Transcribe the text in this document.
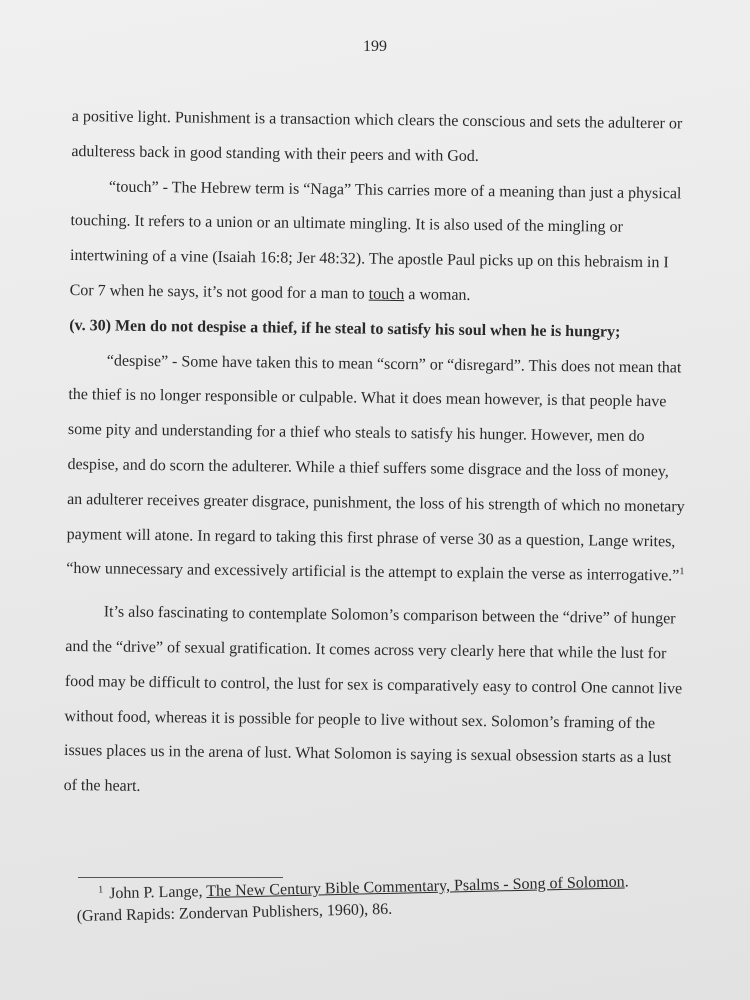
199

a positive light. Punishment is a transaction which clears the conscious and sets the adulterer or adulteress back in good standing with their peers and with God.

“touch” - The Hebrew term is “Naga” This carries more of a meaning than just a physical touching. It refers to a union or an ultimate mingling. It is also used of the mingling or intertwining of a vine (Isaiah 16:8; Jer 48:32). The apostle Paul picks up on this hebraism in I Cor 7 when he says, it’s not good for a man to touch a woman.

(v. 30) Men do not despise a thief, if he steal to satisfy his soul when he is hungry;

“despise” - Some have taken this to mean “scorn” or “disregard”. This does not mean that the thief is no longer responsible or culpable. What it does mean however, is that people have some pity and understanding for a thief who steals to satisfy his hunger. However, men do despise, and do scorn the adulterer. While a thief suffers some disgrace and the loss of money, an adulterer receives greater disgrace, punishment, the loss of his strength of which no monetary payment will atone. In regard to taking this first phrase of verse 30 as a question, Lange writes, “how unnecessary and excessively artificial is the attempt to explain the verse as interrogative.”$^1$

It’s also fascinating to contemplate Solomon’s comparison between the “drive” of hunger and the “drive” of sexual gratification. It comes across very clearly here that while the lust for food may be difficult to control, the lust for sex is comparatively easy to control One cannot live without food, whereas it is possible for people to live without sex. Solomon’s framing of the issues places us in the arena of lust. What Solomon is saying is sexual obsession starts as a lust of the heart.

$^1$ John P. Lange, The New Century Bible Commentary, Psalms - Song of Solomon.
(Grand Rapids: Zondervan Publishers, 1960), 86.
